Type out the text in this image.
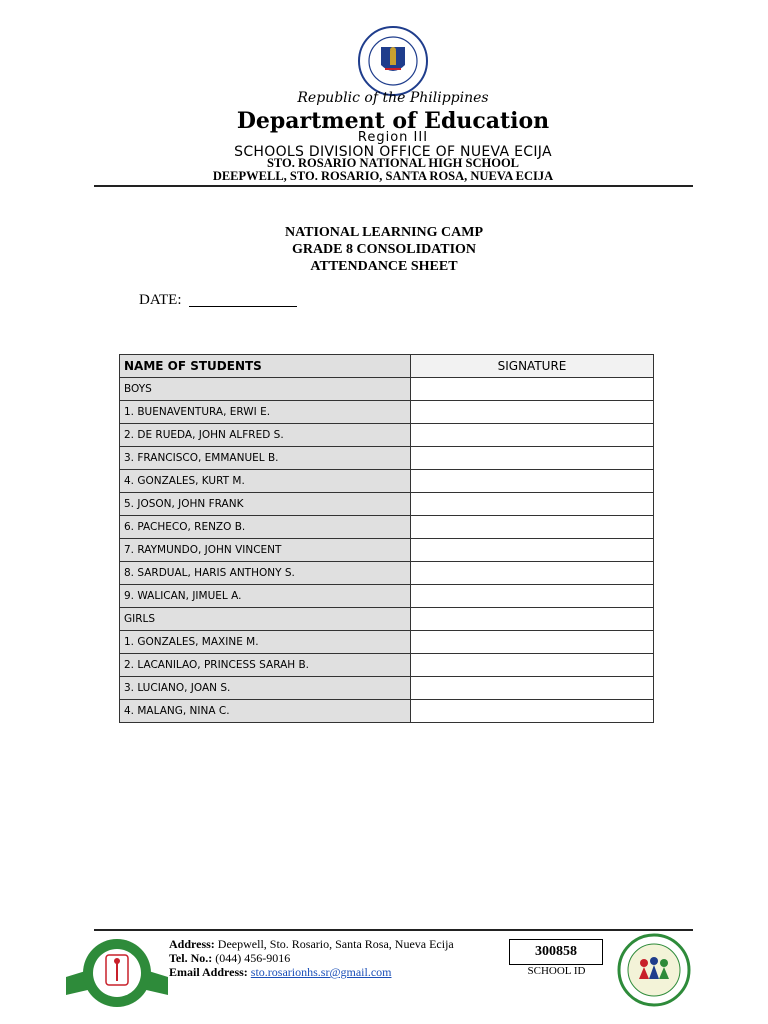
Republic of the Philippines
Department of Education
Region III
SCHOOLS DIVISION OFFICE OF NUEVA ECIJA
STO. ROSARIO NATIONAL HIGH SCHOOL
DEEPWELL, STO. ROSARIO, SANTA ROSA, NUEVA ECIJA
NATIONAL LEARNING CAMP
GRADE 8 CONSOLIDATION
ATTENDANCE SHEET
DATE:
NAME OF STUDENTS	SIGNATURE
BOYS	
1. BUENAVENTURA, ERWI E.	
2. DE RUEDA, JOHN ALFRED S.	
3. FRANCISCO, EMMANUEL B.	
4. GONZALES, KURT M.	
5. JOSON, JOHN FRANK	
6. PACHECO, RENZO B.	
7. RAYMUNDO, JOHN VINCENT	
8. SARDUAL, HARIS ANTHONY S.	
9. WALICAN, JIMUEL A.	
GIRLS	
1. GONZALES, MAXINE M.	
2. LACANILAO, PRINCESS SARAH B.	
3. LUCIANO, JOAN S.	
4. MALANG, NINA C.	
Address: Deepwell, Sto. Rosario, Santa Rosa, Nueva Ecija
Tel. No.: (044) 456-9016
Email Address: sto.rosarionhs.sr@gmail.com
300858
SCHOOL ID
